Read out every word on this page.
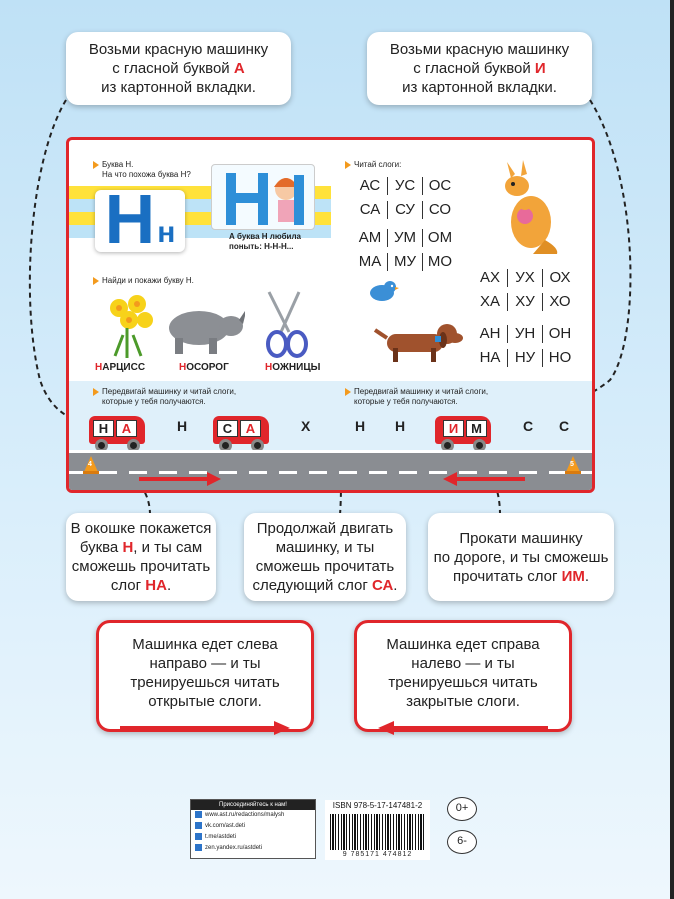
Возьми красную машинку
с гласной буквой А
из картонной вкладки.
Возьми красную машинку
с гласной буквой И
из картонной вкладки.
Буква Н.
На что похожа буква Н?
Н н	А буква Н любила
поныть: Н-Н-Н...
Найди и покажи букву Н.
НАРЦИСС	НОСОРОГ	НОЖНИЦЫ
Читай слоги:
АС УС ОС
СА СУ СО
АМ УМ ОМ
МА МУ МО
АХ УХ ОХ
ХА ХУ ХО
АН УН ОН
НА НУ НО
Передвигай машинку и читай слоги,
которые у тебя получаются.
Передвигай машинку и читай слоги,
которые у тебя получаются.
Н	Х	Н Н	С С
Н	А	С	А	И М
4	5
В окошке покажется
буква Н, и ты сам
сможешь прочитать
слог НА.
Продолжай двигать
машинку, и ты
сможешь прочитать
следующий слог СА.
Прокати машинку
по дороге, и ты сможешь
прочитать слог ИМ.
Машинка едет слева
направо — и ты
тренируешься читать
открытые слоги.
Машинка едет справа
налево — и ты
тренируешься читать
закрытые слоги.
Присоединяйтесь к нам!
www.ast.ru/redactions/malysh
vk.com/ast.deti
t.me/astdeti
zen.yandex.ru/astdeti
ISBN 978-5-17-147481-2
9 785171 474812
0+
6-
